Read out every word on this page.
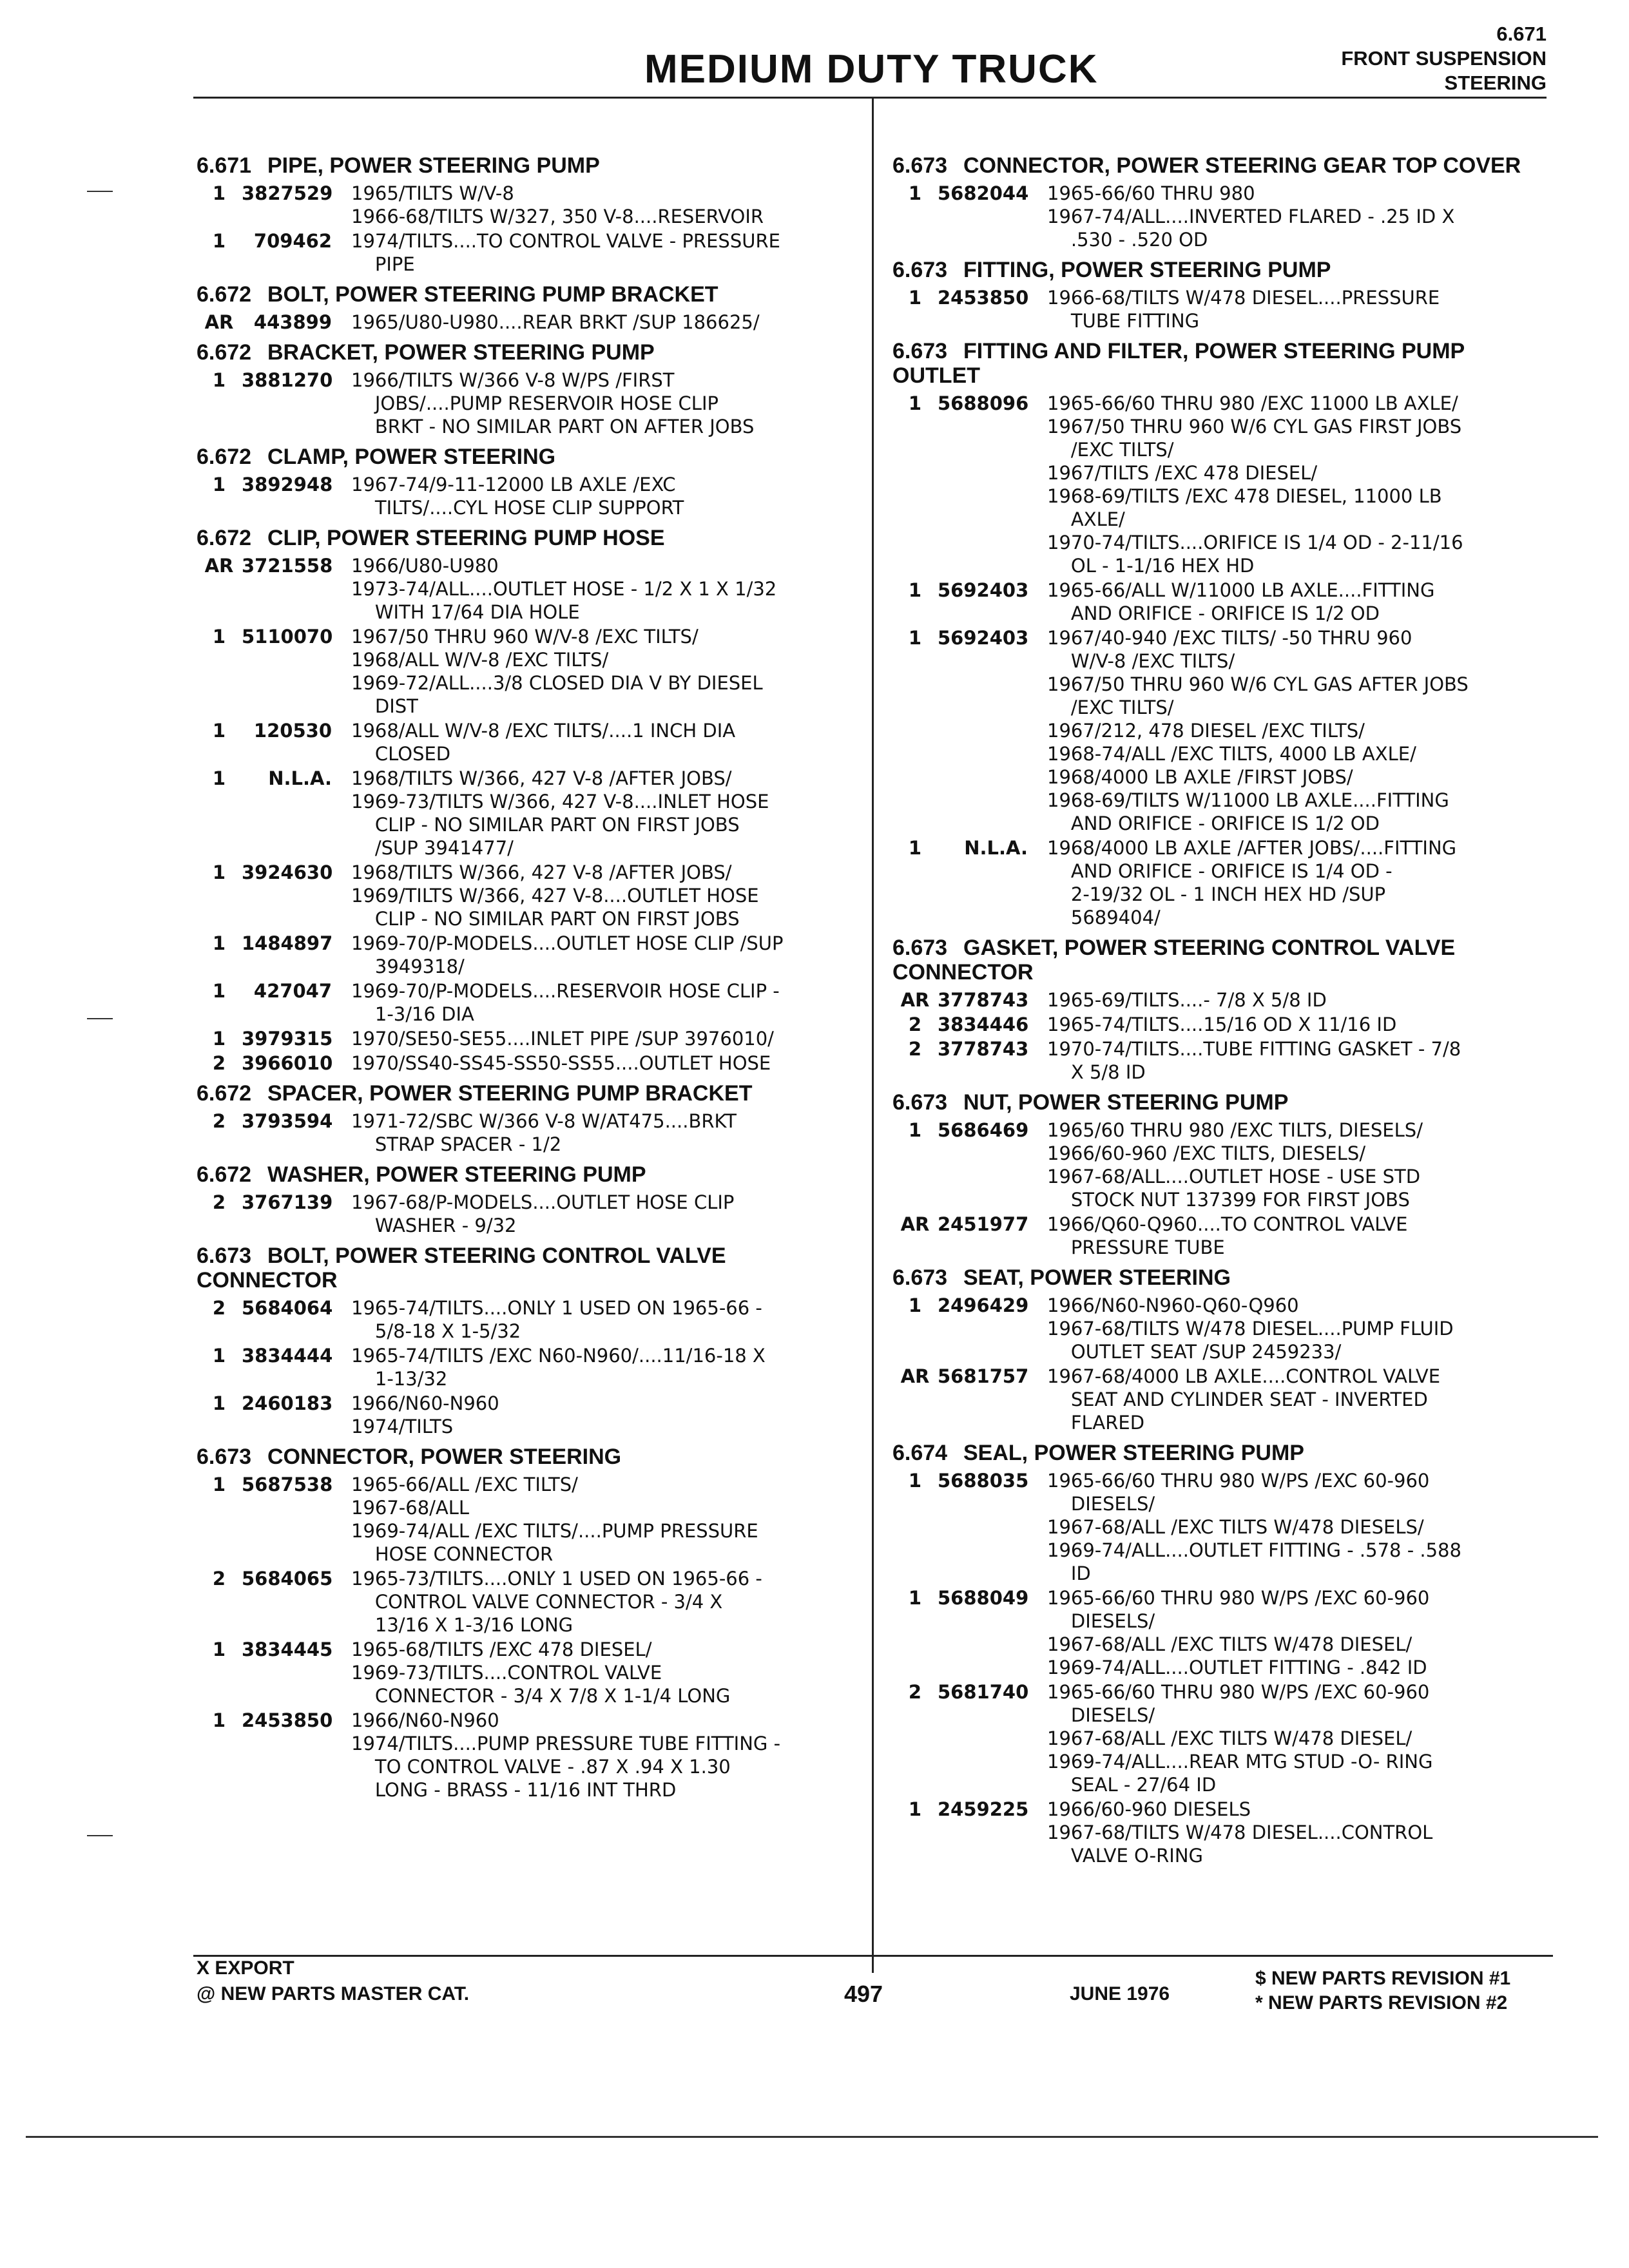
MEDIUM DUTY TRUCK
6.671
FRONT SUSPENSION
STEERING
6.671 PIPE, POWER STEERING PUMP
1 3827529 1965/TILTS W/V-8
1966-68/TILTS W/327, 350 V-8....RESERVOIR
1	709462	1974/TILTS....TO CONTROL VALVE - PRESSURE
PIPE
6.672 BOLT, POWER STEERING PUMP BRACKET
AR	443899	1965/U80-U980....REAR BRKT /SUP 186625/
6.672 BRACKET, POWER STEERING PUMP
1 3881270 1966/TILTS W/366 V-8 W/PS /FIRST
JOBS/....PUMP RESERVOIR HOSE CLIP
BRKT - NO SIMILAR PART ON AFTER JOBS
6.672 CLAMP, POWER STEERING
1 3892948 1967-74/9-11-12000 LB AXLE /EXC
TILTS/....CYL HOSE CLIP SUPPORT
6.672 CLIP, POWER STEERING PUMP HOSE
AR 3721558 1966/U80-U980
1973-74/ALL....OUTLET HOSE - 1/2 X 1 X 1/32
WITH 17/64 DIA HOLE
1 5110070 1967/50 THRU 960 W/V-8 /EXC TILTS/
1968/ALL W/V-8 /EXC TILTS/
1969-72/ALL....3/8 CLOSED DIA V BY DIESEL
DIST
1	120530	1968/ALL W/V-8 /EXC TILTS/....1 INCH DIA
CLOSED
1	N.L.A.	1968/TILTS W/366, 427 V-8 /AFTER JOBS/
1969-73/TILTS W/366, 427 V-8....INLET HOSE
CLIP - NO SIMILAR PART ON FIRST JOBS
/SUP 3941477/
1 3924630 1968/TILTS W/366, 427 V-8 /AFTER JOBS/
1969/TILTS W/366, 427 V-8....OUTLET HOSE
CLIP - NO SIMILAR PART ON FIRST JOBS
1 1484897 1969-70/P-MODELS....OUTLET HOSE CLIP /SUP
3949318/
1	427047	1969-70/P-MODELS....RESERVOIR HOSE CLIP -
1-3/16 DIA
1 3979315 1970/SE50-SE55....INLET PIPE /SUP 3976010/
2 3966010 1970/SS40-SS45-SS50-SS55....OUTLET HOSE
6.672 SPACER, POWER STEERING PUMP BRACKET
2 3793594 1971-72/SBC W/366 V-8 W/AT475....BRKT
STRAP SPACER - 1/2
6.672 WASHER, POWER STEERING PUMP
2 3767139 1967-68/P-MODELS....OUTLET HOSE CLIP
WASHER - 9/32
6.673 BOLT, POWER STEERING CONTROL VALVE
CONNECTOR
2 5684064 1965-74/TILTS....ONLY 1 USED ON 1965-66 -
5/8-18 X 1-5/32
1 3834444 1965-74/TILTS /EXC N60-N960/....11/16-18 X
1-13/32
1 2460183 1966/N60-N960
1974/TILTS
6.673 CONNECTOR, POWER STEERING
1 5687538 1965-66/ALL /EXC TILTS/
1967-68/ALL
1969-74/ALL /EXC TILTS/....PUMP PRESSURE
HOSE CONNECTOR
2 5684065 1965-73/TILTS....ONLY 1 USED ON 1965-66 -
CONTROL VALVE CONNECTOR - 3/4 X
13/16 X 1-3/16 LONG
1 3834445 1965-68/TILTS /EXC 478 DIESEL/
1969-73/TILTS....CONTROL VALVE
CONNECTOR - 3/4 X 7/8 X 1-1/4 LONG
1 2453850 1966/N60-N960
1974/TILTS....PUMP PRESSURE TUBE FITTING -
TO CONTROL VALVE - .87 X .94 X 1.30
LONG - BRASS - 11/16 INT THRD
6.673 CONNECTOR, POWER STEERING GEAR TOP COVER
1 5682044 1965-66/60 THRU 980
1967-74/ALL....INVERTED FLARED - .25 ID X
.530 - .520 OD
6.673 FITTING, POWER STEERING PUMP
1 2453850 1966-68/TILTS W/478 DIESEL....PRESSURE
TUBE FITTING
6.673 FITTING AND FILTER, POWER STEERING PUMP
OUTLET
1 5688096 1965-66/60 THRU 980 /EXC 11000 LB AXLE/
1967/50 THRU 960 W/6 CYL GAS FIRST JOBS
/EXC TILTS/
1967/TILTS /EXC 478 DIESEL/
1968-69/TILTS /EXC 478 DIESEL, 11000 LB
AXLE/
1970-74/TILTS....ORIFICE IS 1/4 OD - 2-11/16
OL - 1-1/16 HEX HD
1 5692403 1965-66/ALL W/11000 LB AXLE....FITTING
AND ORIFICE - ORIFICE IS 1/2 OD
1 5692403 1967/40-940 /EXC TILTS/ -50 THRU 960
W/V-8 /EXC TILTS/
1967/50 THRU 960 W/6 CYL GAS AFTER JOBS
/EXC TILTS/
1967/212, 478 DIESEL /EXC TILTS/
1968-74/ALL /EXC TILTS, 4000 LB AXLE/
1968/4000 LB AXLE /FIRST JOBS/
1968-69/TILTS W/11000 LB AXLE....FITTING
AND ORIFICE - ORIFICE IS 1/2 OD
1	N.L.A.	1968/4000 LB AXLE /AFTER JOBS/....FITTING
AND ORIFICE - ORIFICE IS 1/4 OD -
2-19/32 OL - 1 INCH HEX HD /SUP
5689404/
6.673 GASKET, POWER STEERING CONTROL VALVE
CONNECTOR
AR 3778743 1965-69/TILTS....- 7/8 X 5/8 ID
2 3834446 1965-74/TILTS....15/16 OD X 11/16 ID
2 3778743 1970-74/TILTS....TUBE FITTING GASKET - 7/8
X 5/8 ID
6.673 NUT, POWER STEERING PUMP
1 5686469 1965/60 THRU 980 /EXC TILTS, DIESELS/
1966/60-960 /EXC TILTS, DIESELS/
1967-68/ALL....OUTLET HOSE - USE STD
STOCK NUT 137399 FOR FIRST JOBS
AR 2451977 1966/Q60-Q960....TO CONTROL VALVE
PRESSURE TUBE
6.673 SEAT, POWER STEERING
1 2496429 1966/N60-N960-Q60-Q960
1967-68/TILTS W/478 DIESEL....PUMP FLUID
OUTLET SEAT /SUP 2459233/
AR 5681757 1967-68/4000 LB AXLE....CONTROL VALVE
SEAT AND CYLINDER SEAT - INVERTED
FLARED
6.674 SEAL, POWER STEERING PUMP
1 5688035 1965-66/60 THRU 980 W/PS /EXC 60-960
DIESELS/
1967-68/ALL /EXC TILTS W/478 DIESELS/
1969-74/ALL....OUTLET FITTING - .578 - .588
ID
1 5688049 1965-66/60 THRU 980 W/PS /EXC 60-960
DIESELS/
1967-68/ALL /EXC TILTS W/478 DIESEL/
1969-74/ALL....OUTLET FITTING - .842 ID
2 5681740 1965-66/60 THRU 980 W/PS /EXC 60-960
DIESELS/
1967-68/ALL /EXC TILTS W/478 DIESEL/
1969-74/ALL....REAR MTG STUD -O- RING
SEAL - 27/64 ID
1 2459225 1966/60-960 DIESELS
1967-68/TILTS W/478 DIESEL....CONTROL
VALVE O-RING
X EXPORT
@ NEW PARTS MASTER CAT.	497	JUNE 1976
$ NEW PARTS REVISION #1
* NEW PARTS REVISION #2
